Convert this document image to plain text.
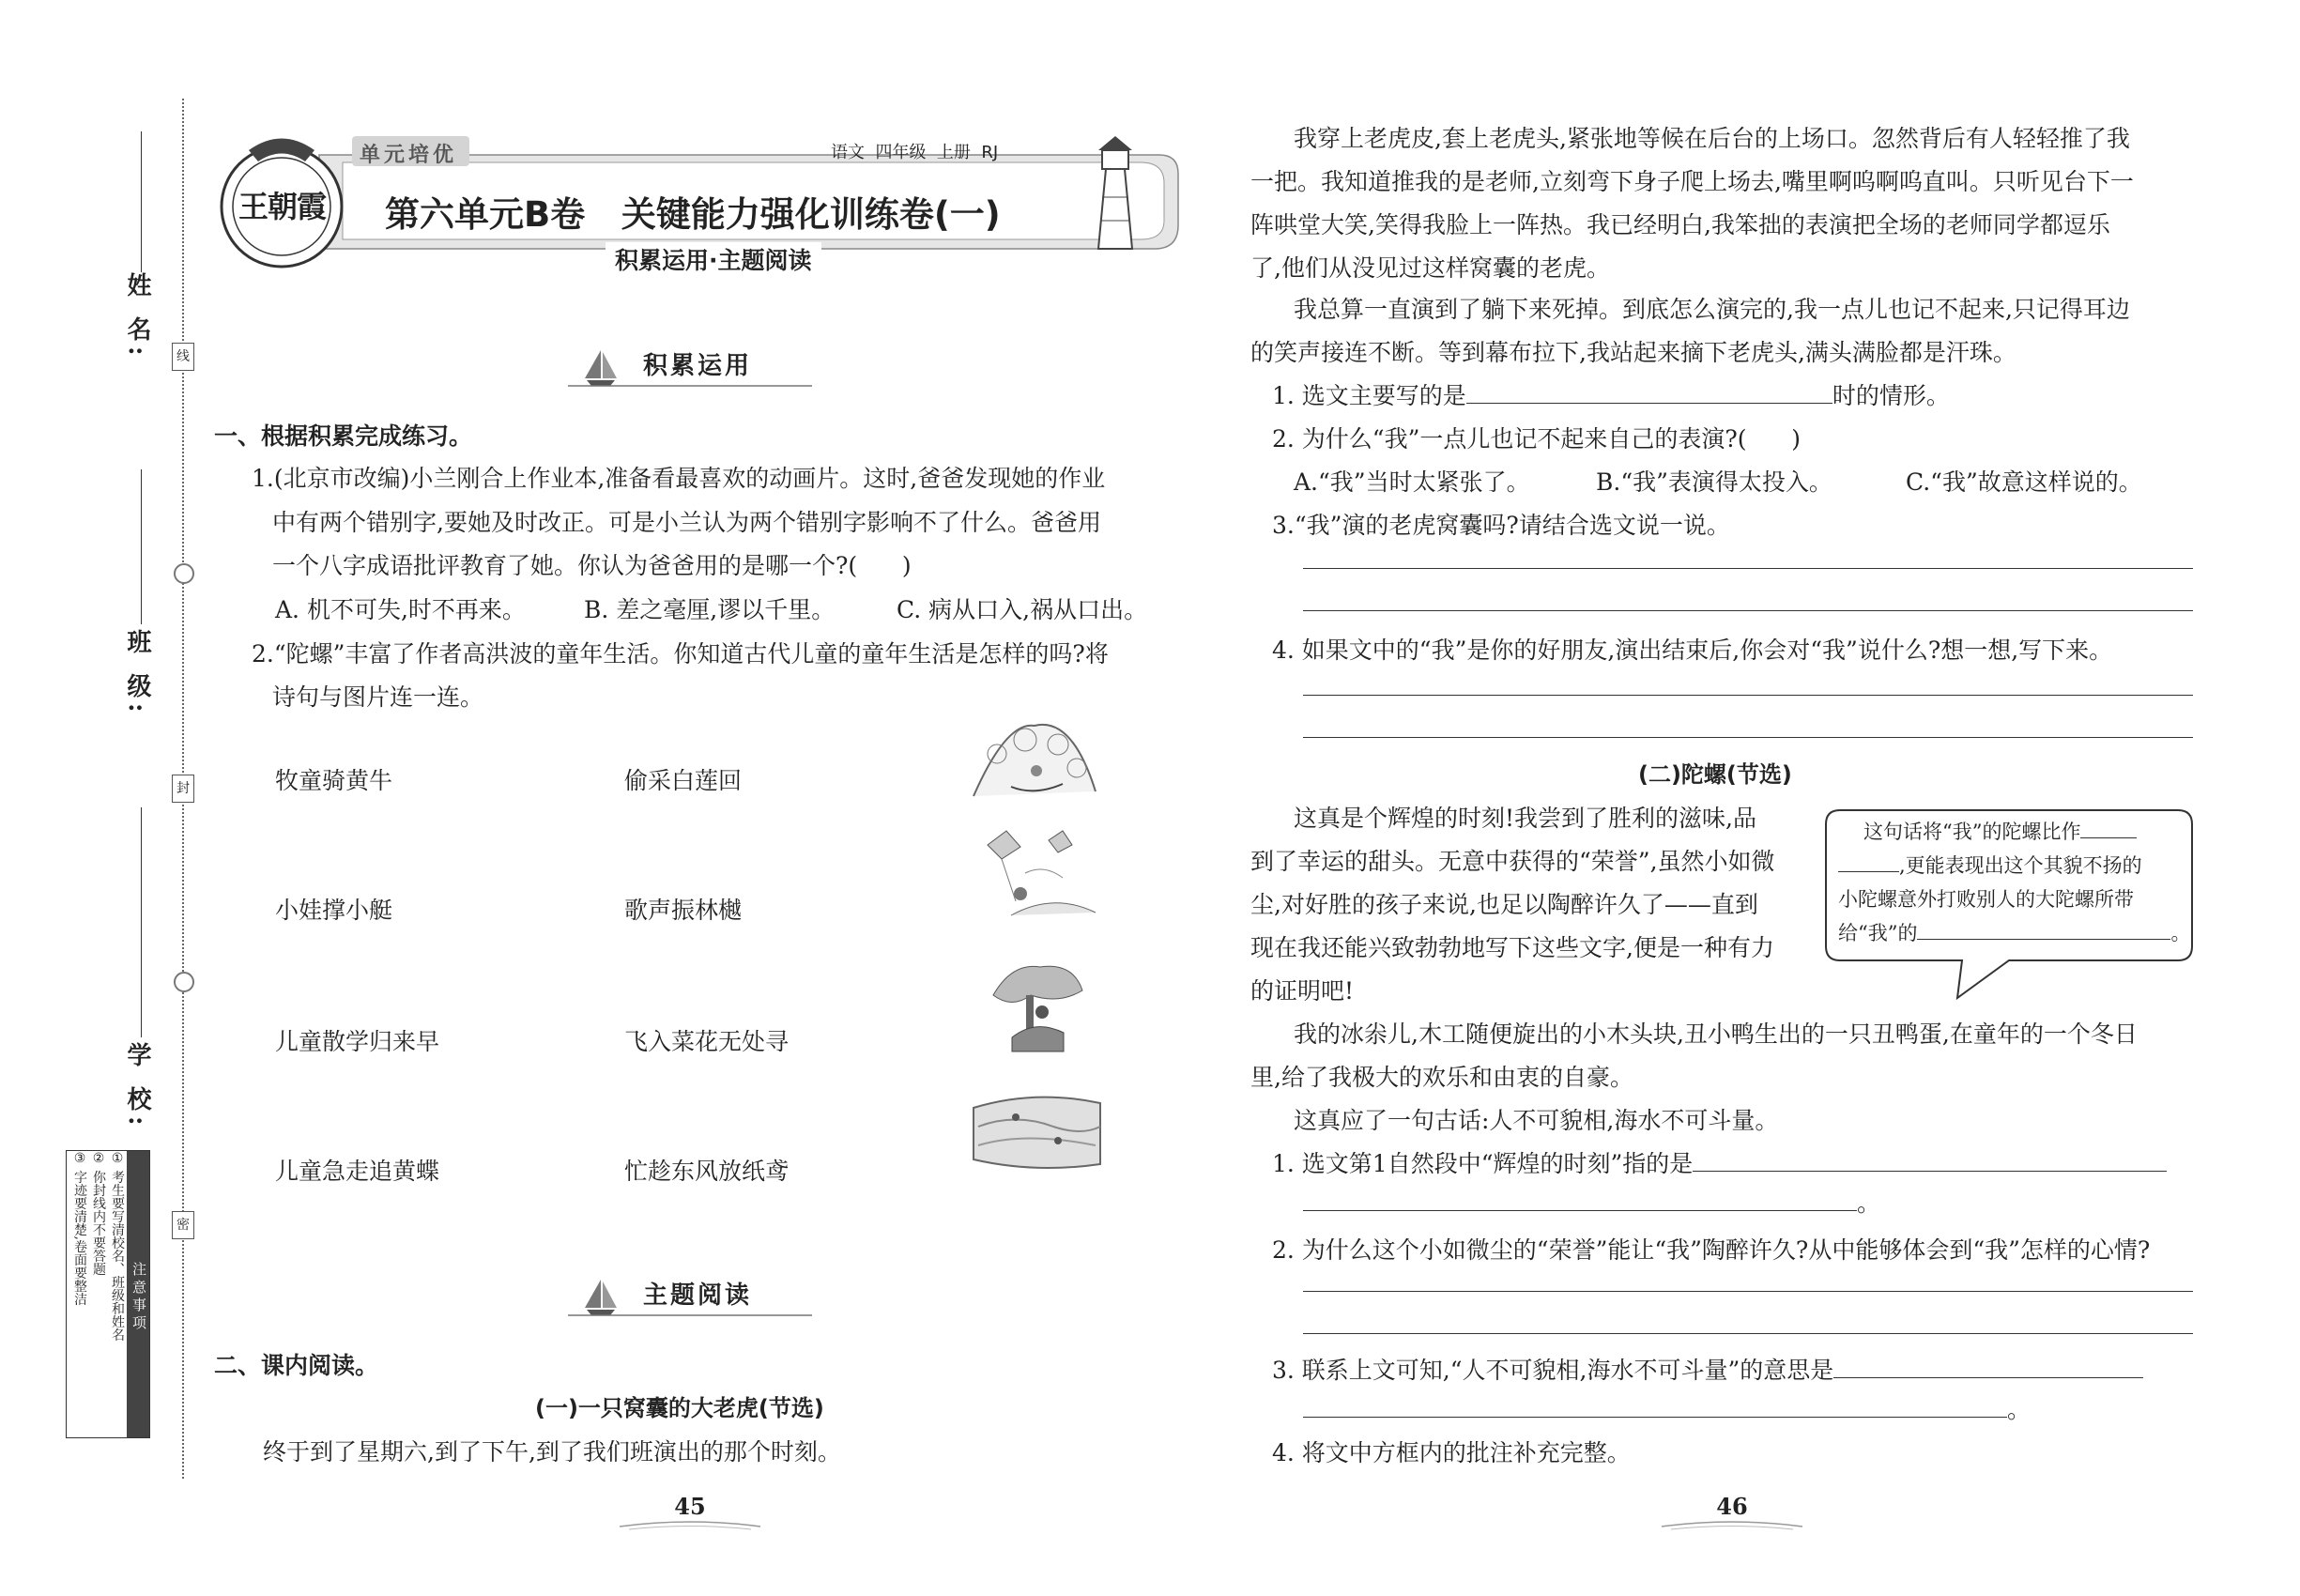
姓 名:
班 级:
学 校:
线
封
密
注意事项
① 考生要写清校名、班级和姓名
② 你封线内不要答题
③ 字迹要清楚,卷面要整洁
王朝霞
单元培优	语文  四年级  上册  RJ
第六单元B卷   关键能力强化训练卷(一)
积累运用·主题阅读
积累运用
一、根据积累完成练习。
1.(北京市改编)小兰刚合上作业本,准备看最喜欢的动画片。这时,爸爸发现她的作业
中有两个错别字,要她及时改正。可是小兰认为两个错别字影响不了什么。爸爸用
一个八字成语批评教育了她。你认为爸爸用的是哪一个?(      )
A. 机不可失,时不再来。 B. 差之毫厘,谬以千里。	C. 病从口入,祸从口出。
2.“陀螺”丰富了作者高洪波的童年生活。你知道古代儿童的童年生活是怎样的吗?将
诗句与图片连一连。
牧童骑黄牛
小娃撑小艇
儿童散学归来早
儿童急走追黄蝶
偷采白莲回
歌声振林樾
飞入菜花无处寻
忙趁东风放纸鸢
主题阅读
二、课内阅读。
(一)一只窝囊的大老虎(节选)
终于到了星期六,到了下午,到了我们班演出的那个时刻。
45
我穿上老虎皮,套上老虎头,紧张地等候在后台的上场口。忽然背后有人轻轻推了我
一把。我知道推我的是老师,立刻弯下身子爬上场去,嘴里啊呜啊呜直叫。只听见台下一
阵哄堂大笑,笑得我脸上一阵热。我已经明白,我笨拙的表演把全场的老师同学都逗乐
了,他们从没见过这样窝囊的老虎。
我总算一直演到了躺下来死掉。到底怎么演完的,我一点儿也记不起来,只记得耳边
的笑声接连不断。等到幕布拉下,我站起来摘下老虎头,满头满脸都是汗珠。
1. 选文主要写的是	时的情形。
2. 为什么“我”一点儿也记不起来自己的表演?(      )
A.“我”当时太紧张了。	B.“我”表演得太投入。	C.“我”故意这样说的。
3.“我”演的老虎窝囊吗?请结合选文说一说。
4. 如果文中的“我”是你的好朋友,演出结束后,你会对“我”说什么?想一想,写下来。
(二)陀螺(节选)
这真是个辉煌的时刻!我尝到了胜利的滋味,品
到了幸运的甜头。无意中获得的“荣誉”,虽然小如微
尘,对好胜的孩子来说,也足以陶醉许久了——直到
现在我还能兴致勃勃地写下这些文字,便是一种有力
的证明吧!
这句话将“我”的陀螺比作
,更能表现出这个其貌不扬的
小陀螺意外打败别人的大陀螺所带
给“我”的	。
我的冰尜儿,木工随便旋出的小木头块,丑小鸭生出的一只丑鸭蛋,在童年的一个冬日
里,给了我极大的欢乐和由衷的自豪。
这真应了一句古话:人不可貌相,海水不可斗量。
1. 选文第1自然段中“辉煌的时刻”指的是
。
2. 为什么这个小如微尘的“荣誉”能让“我”陶醉许久?从中能够体会到“我”怎样的心情?
3. 联系上文可知,“人不可貌相,海水不可斗量”的意思是
。
4. 将文中方框内的批注补充完整。
46
